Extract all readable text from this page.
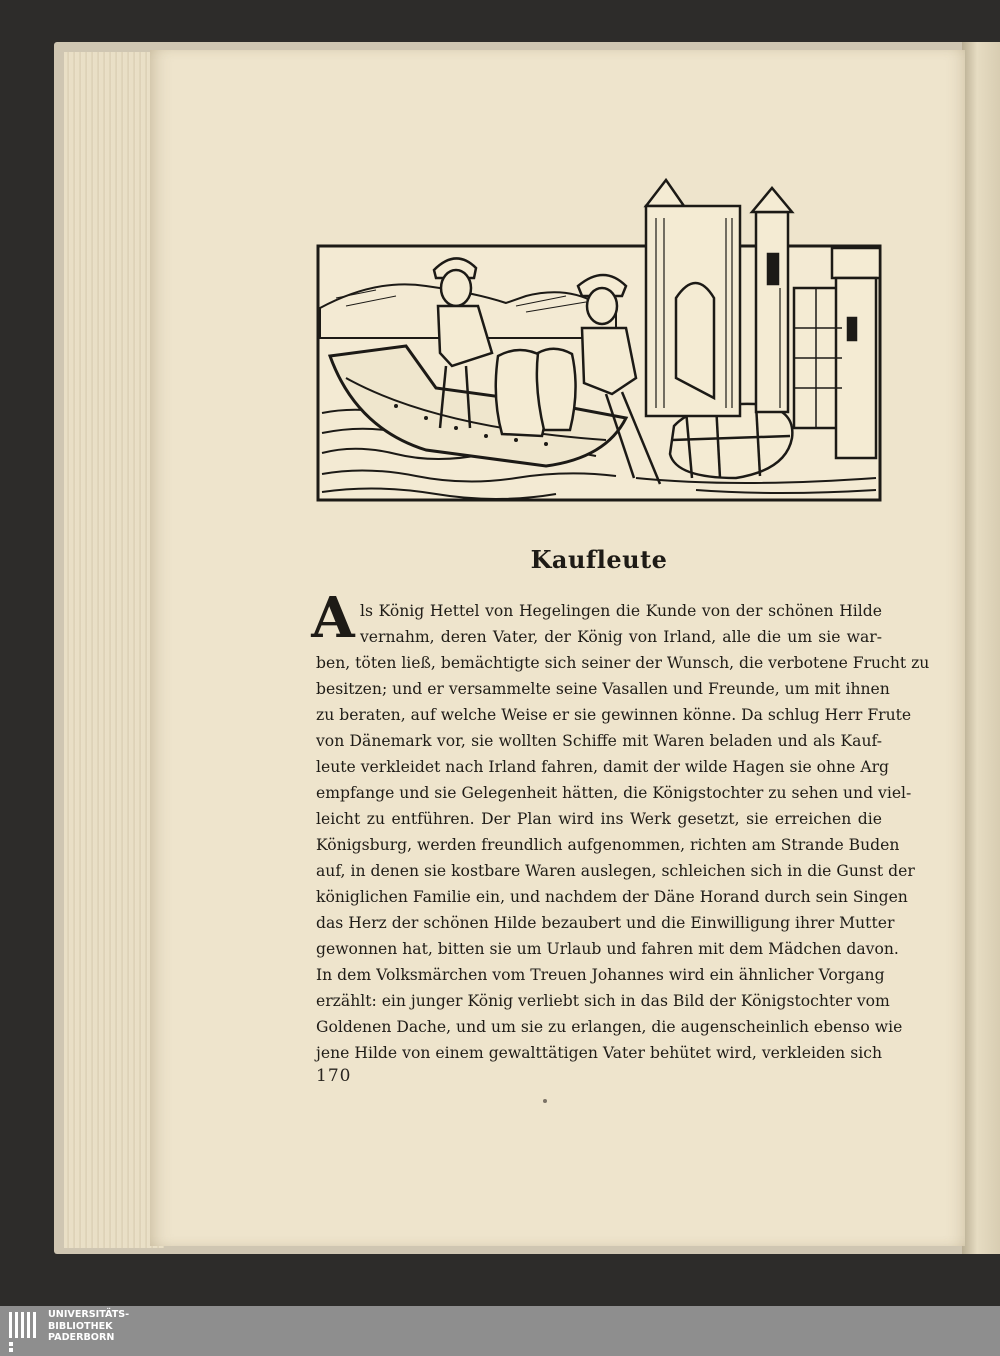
Kaufleute
A ls König Hettel von Hegelingen die Kunde von der schönen Hilde
vernahm, deren Vater, der König von Irland, alle die um sie war-
ben, töten ließ, bemächtigte sich seiner der Wunsch, die verbotene Frucht zu
besitzen; und er versammelte seine Vasallen und Freunde, um mit ihnen
zu beraten, auf welche Weise er sie gewinnen könne. Da schlug Herr Frute
von Dänemark vor, sie wollten Schiffe mit Waren beladen und als Kauf-
leute verkleidet nach Irland fahren, damit der wilde Hagen sie ohne Arg
empfange und sie Gelegenheit hätten, die Königstochter zu sehen und viel-
leicht zu entführen. Der Plan wird ins Werk gesetzt, sie erreichen die
Königsburg, werden freundlich aufgenommen, richten am Strande Buden
auf, in denen sie kostbare Waren auslegen, schleichen sich in die Gunst der
königlichen Familie ein, und nachdem der Däne Horand durch sein Singen
das Herz der schönen Hilde bezaubert und die Einwilligung ihrer Mutter
gewonnen hat, bitten sie um Urlaub und fahren mit dem Mädchen davon.
In dem Volksmärchen vom Treuen Johannes wird ein ähnlicher Vorgang
erzählt: ein junger König verliebt sich in das Bild der Königstochter vom
Goldenen Dache, und um sie zu erlangen, die augenscheinlich ebenso wie
jene Hilde von einem gewalttätigen Vater behütet wird, verkleiden sich
170
UNIVERSITÄTS-
BIBLIOTHEK
PADERBORN
